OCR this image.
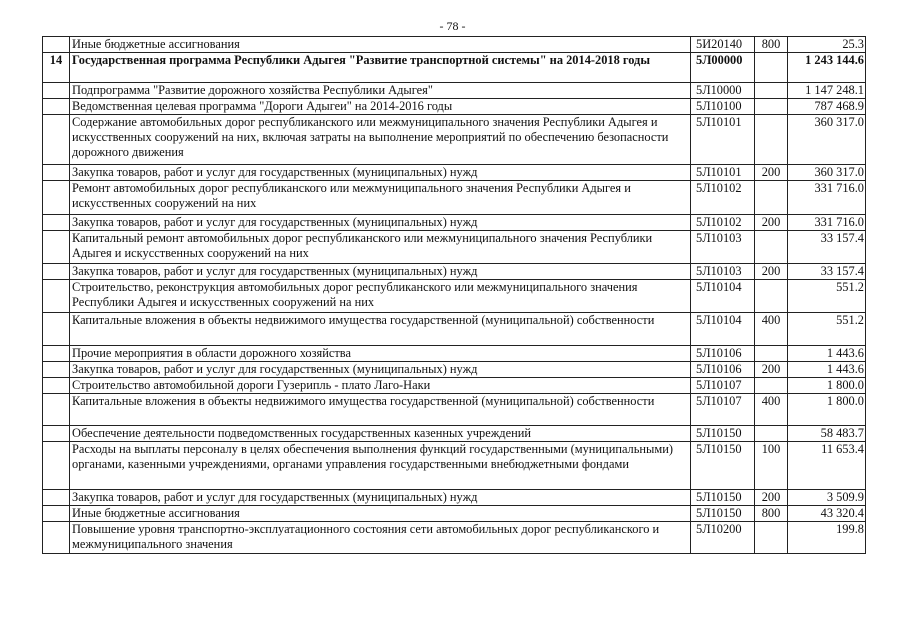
- 78 -
	Иные бюджетные ассигнования	5И20140	800	25.3
14	Государственная программа Республики Адыгея "Развитие транспортной системы" на 2014-2018 годы	5Л00000		1 243 144.6
	Подпрограмма "Развитие дорожного хозяйства Республики Адыгея"	5Л10000		1 147 248.1
	Ведомственная целевая программа "Дороги Адыгеи" на 2014-2016 годы	5Л10100		787 468.9
	Содержание автомобильных дорог республиканского или межмуниципального значения Республики Адыгея и искусственных сооружений на них, включая затраты на выполнение мероприятий по обеспечению безопасности дорожного движения	5Л10101		360 317.0
	Закупка товаров, работ и услуг для государственных (муниципальных) нужд	5Л10101	200	360 317.0
	Ремонт автомобильных дорог республиканского или межмуниципального значения Республики Адыгея и искусственных сооружений на них	5Л10102		331 716.0
	Закупка товаров, работ и услуг для государственных (муниципальных) нужд	5Л10102	200	331 716.0
	Капитальный ремонт автомобильных дорог республиканского или межмуниципального значения Республики Адыгея и искусственных сооружений на них	5Л10103		33 157.4
	Закупка товаров, работ и услуг для государственных (муниципальных) нужд	5Л10103	200	33 157.4
	Строительство, реконструкция автомобильных дорог республиканского или межмуниципального значения Республики Адыгея и искусственных сооружений на них	5Л10104		551.2
	Капитальные вложения в объекты недвижимого имущества государственной (муниципальной) собственности	5Л10104	400	551.2
	Прочие мероприятия в области дорожного хозяйства	5Л10106		1 443.6
	Закупка товаров, работ и услуг для государственных (муниципальных) нужд	5Л10106	200	1 443.6
	Строительство автомобильной дороги Гузерипль - плато Лаго-Наки	5Л10107		1 800.0
	Капитальные вложения в объекты недвижимого имущества государственной (муниципальной) собственности	5Л10107	400	1 800.0
	Обеспечение деятельности подведомственных государственных казенных учреждений	5Л10150		58 483.7
	Расходы на выплаты персоналу в целях обеспечения выполнения функций государственными (муниципальными) органами, казенными учреждениями, органами управления государственными внебюджетными фондами	5Л10150	100	11 653.4
	Закупка товаров, работ и услуг для государственных (муниципальных) нужд	5Л10150	200	3 509.9
	Иные бюджетные ассигнования	5Л10150	800	43 320.4
	Повышение уровня транспортно-эксплуатационного состояния сети автомобильных дорог республиканского и межмуниципального значения	5Л10200		199.8
